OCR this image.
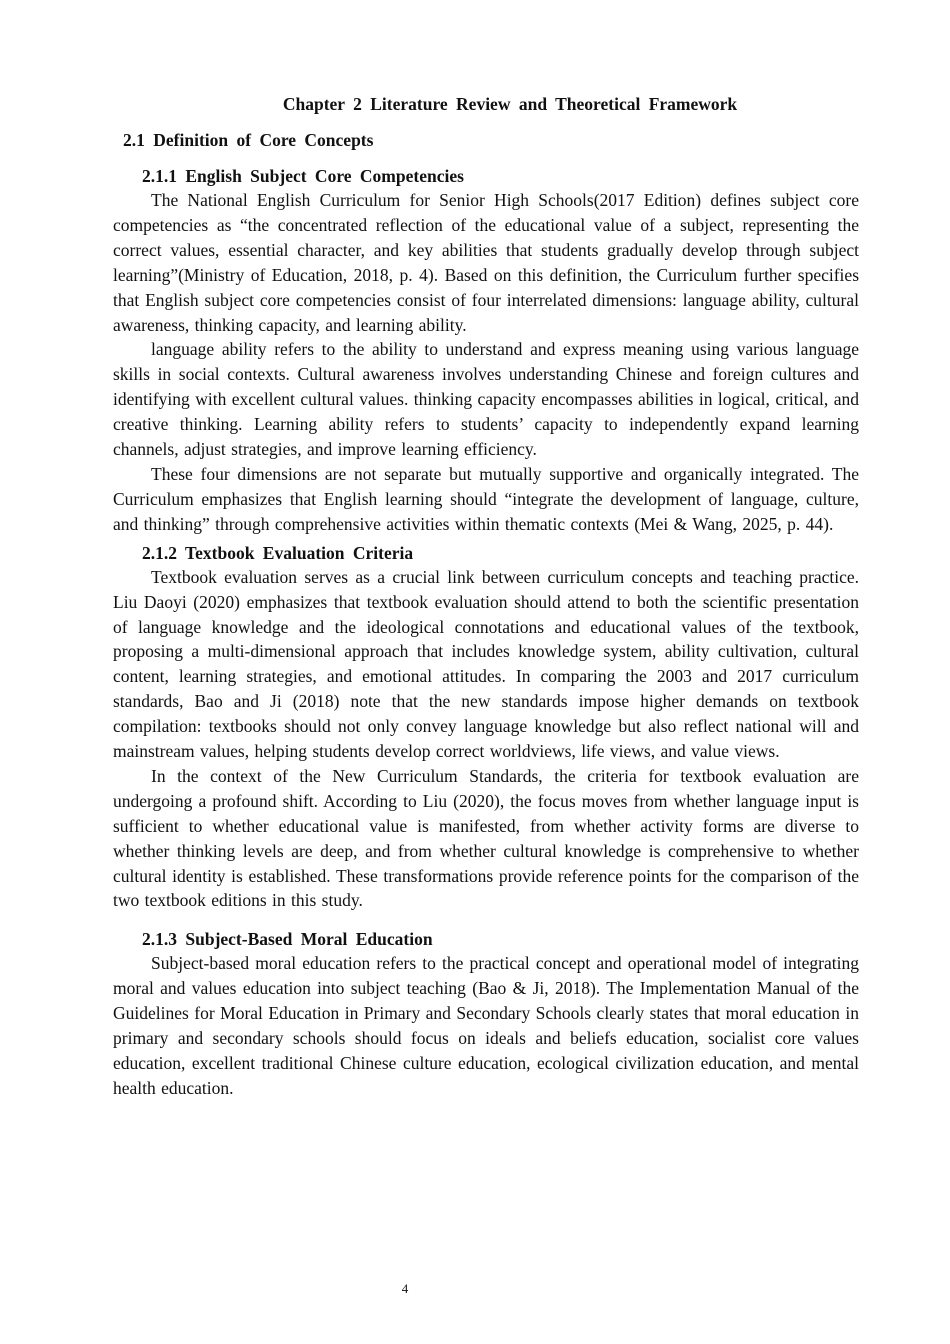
Chapter 2 Literature Review and Theoretical Framework
2.1 Definition of Core Concepts
2.1.1 English Subject Core Competencies

The National English Curriculum for Senior High Schools(2017 Edition) defines subject core competencies as “the concentrated reflection of the educational value of a subject, representing the correct values, essential character, and key abilities that students gradually develop through subject learning”(Ministry of Education, 2018, p. 4). Based on this definition, the Curriculum further specifies that English subject core competencies consist of four interrelated dimensions: language ability, cultural awareness, thinking capacity, and learning ability.

language ability refers to the ability to understand and express meaning using various language skills in social contexts. Cultural awareness involves understanding Chinese and foreign cultures and identifying with excellent cultural values. thinking capacity encompasses abilities in logical, critical, and creative thinking. Learning ability refers to students’ capacity to independently expand learning channels, adjust strategies, and improve learning efficiency.

These four dimensions are not separate but mutually supportive and organically integrated. The Curriculum emphasizes that English learning should “integrate the development of language, culture, and thinking” through comprehensive activities within thematic contexts (Mei & Wang, 2025, p. 44).

2.1.2 Textbook Evaluation Criteria

Textbook evaluation serves as a crucial link between curriculum concepts and teaching practice. Liu Daoyi (2020) emphasizes that textbook evaluation should attend to both the scientific presentation of language knowledge and the ideological connotations and educational values of the textbook, proposing a multi-dimensional approach that includes knowledge system, ability cultivation, cultural content, learning strategies, and emotional attitudes. In comparing the 2003 and 2017 curriculum standards, Bao and Ji (2018) note that the new standards impose higher demands on textbook compilation: textbooks should not only convey language knowledge but also reflect national will and mainstream values, helping students develop correct worldviews, life views, and value views.

In the context of the New Curriculum Standards, the criteria for textbook evaluation are undergoing a profound shift. According to Liu (2020), the focus moves from whether language input is sufficient to whether educational value is manifested, from whether activity forms are diverse to whether thinking levels are deep, and from whether cultural knowledge is comprehensive to whether cultural identity is established. These transformations provide reference points for the comparison of the two textbook editions in this study.

2.1.3 Subject-Based Moral Education

Subject-based moral education refers to the practical concept and operational model of integrating moral and values education into subject teaching (Bao & Ji, 2018). The Implementation Manual of the Guidelines for Moral Education in Primary and Secondary Schools clearly states that moral education in primary and secondary schools should focus on ideals and beliefs education, socialist core values education, excellent traditional Chinese culture education, ecological civilization education, and mental health education.

4
